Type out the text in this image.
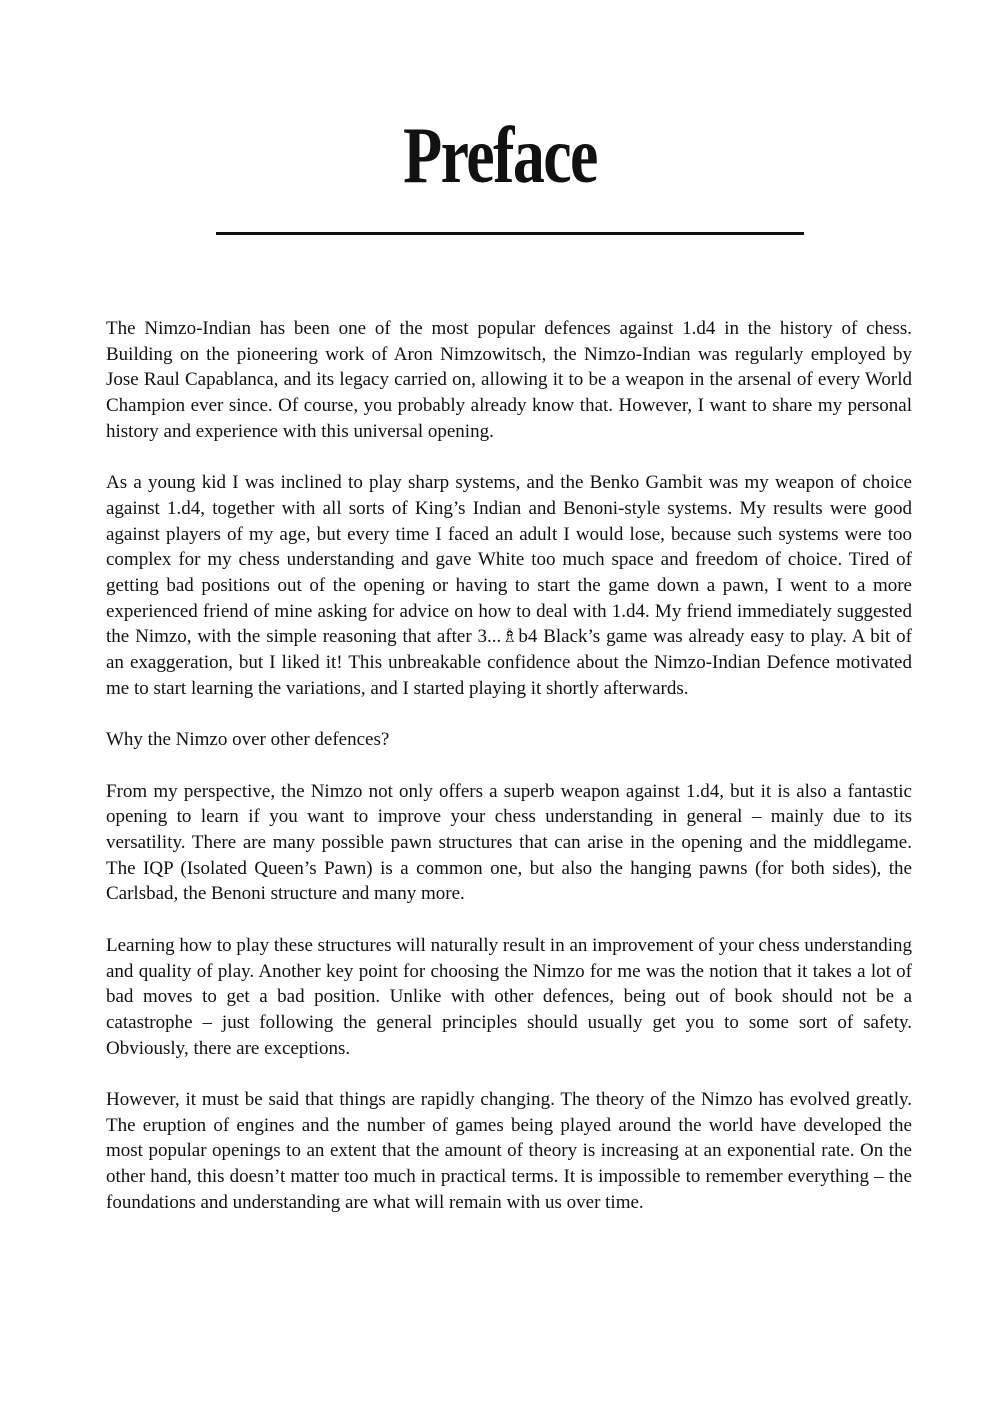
Preface

The Nimzo-Indian has been one of the most popular defences against 1.d4 in the history of chess. Building on the pioneering work of Aron Nimzowitsch, the Nimzo-Indian was regularly employed by Jose Raul Capablanca, and its legacy carried on, allowing it to be a weapon in the arsenal of every World Champion ever since. Of course, you probably already know that. However, I want to share my personal history and experience with this universal opening.

As a young kid I was inclined to play sharp systems, and the Benko Gambit was my weapon of choice against 1.d4, together with all sorts of King’s Indian and Benoni-style systems. My results were good against players of my age, but every time I faced an adult I would lose, because such systems were too complex for my chess understanding and gave White too much space and freedom of choice. Tired of getting bad positions out of the opening or having to start the game down a pawn, I went to a more experienced friend of mine asking for advice on how to deal with 1.d4. My friend immediately suggested the Nimzo, with the simple reasoning that after 3...♗b4 Black’s game was already easy to play. A bit of an exaggeration, but I liked it! This unbreakable confidence about the Nimzo-Indian Defence motivated me to start learning the variations, and I started playing it shortly afterwards.

Why the Nimzo over other defences?

From my perspective, the Nimzo not only offers a superb weapon against 1.d4, but it is also a fantastic opening to learn if you want to improve your chess understanding in general – mainly due to its versatility. There are many possible pawn structures that can arise in the opening and the middlegame. The IQP (Isolated Queen’s Pawn) is a common one, but also the hanging pawns (for both sides), the Carlsbad, the Benoni structure and many more.

Learning how to play these structures will naturally result in an improvement of your chess understanding and quality of play. Another key point for choosing the Nimzo for me was the notion that it takes a lot of bad moves to get a bad position. Unlike with other defences, being out of book should not be a catastrophe – just following the general principles should usually get you to some sort of safety. Obviously, there are exceptions.

However, it must be said that things are rapidly changing. The theory of the Nimzo has evolved greatly. The eruption of engines and the number of games being played around the world have developed the most popular openings to an extent that the amount of theory is increasing at an exponential rate. On the other hand, this doesn’t matter too much in practical terms. It is impossible to remember everything – the foundations and understanding are what will remain with us over time.
